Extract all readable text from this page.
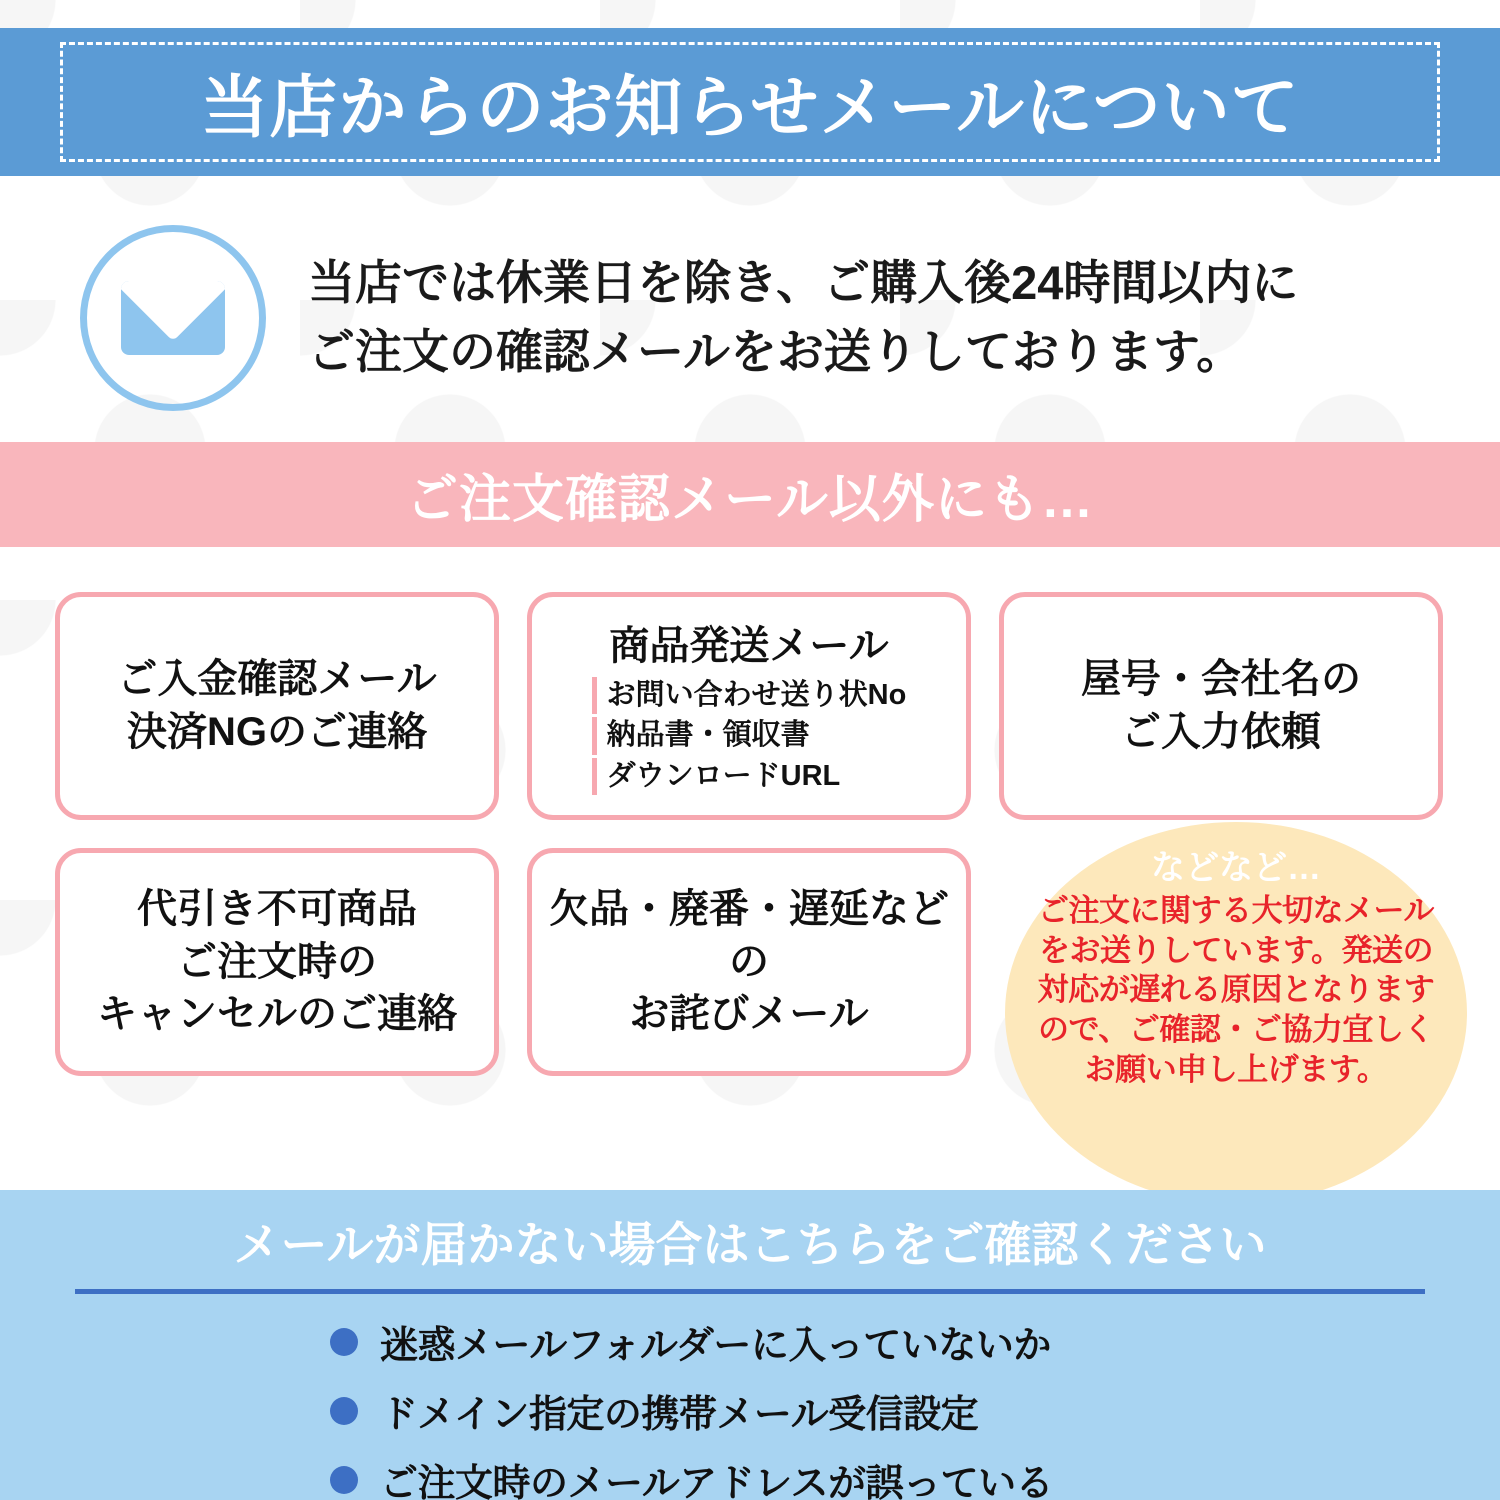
当店からのお知らせメールについて
当店では休業日を除き、ご購入後24時間以内に
ご注文の確認メールをお送りしております。
ご注文確認メール以外にも…
ご入金確認メール
決済NGのご連絡
商品発送メール
お問い合わせ送り状No
納品書・領収書
ダウンロードURL
屋号・会社名の
ご入力依頼
代引き不可商品
ご注文時の
キャンセルのご連絡
欠品・廃番・遅延などの
お詫びメール
などなど…
ご注文に関する大切なメールをお送りしています。発送の対応が遅れる原因となりますので、ご確認・ご協力宜しくお願い申し上げます。
メールが届かない場合はこちらをご確認ください
迷惑メールフォルダーに入っていないか
ドメイン指定の携帯メール受信設定
ご注文時のメールアドレスが誤っている
